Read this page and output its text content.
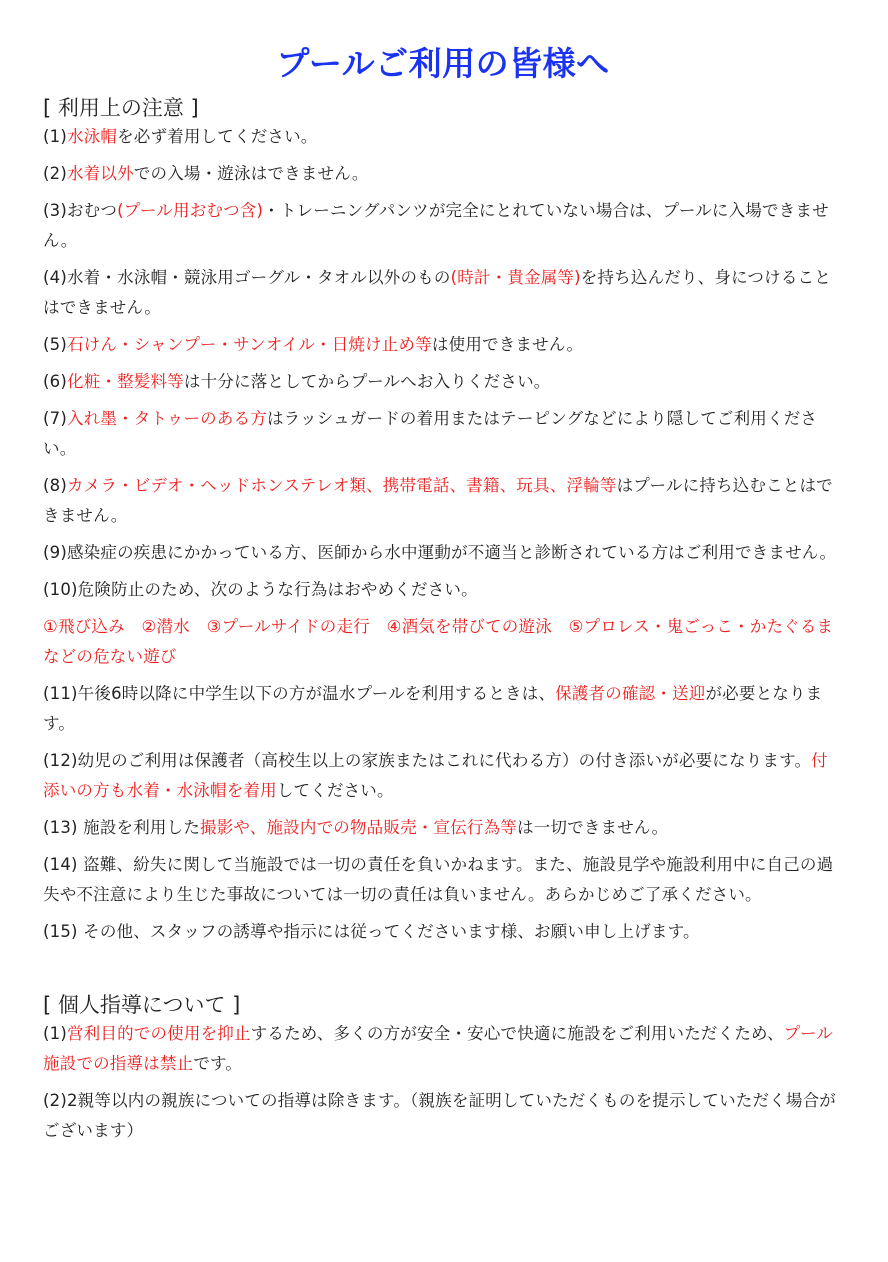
プールご利用の皆様へ

[ 利用上の注意 ]

(1)水泳帽を必ず着用してください。

(2)水着以外での入場・遊泳はできません。

(3)おむつ(プール用おむつ含)・トレーニングパンツが完全にとれていない場合は、プールに入場できません。

(4)水着・水泳帽・競泳用ゴーグル・タオル以外のもの(時計・貴金属等)を持ち込んだり、身につけることはできません。

(5)石けん・シャンプー・サンオイル・日焼け止め等は使用できません。

(6)化粧・整髪料等は十分に落としてからプールへお入りください。

(7)入れ墨・タトゥーのある方はラッシュガードの着用またはテーピングなどにより隠してご利用ください。

(8)カメラ・ビデオ・ヘッドホンステレオ類、携帯電話、書籍、玩具、浮輪等はプールに持ち込むことはできません。

(9)感染症の疾患にかかっている方、医師から水中運動が不適当と診断されている方はご利用できません。

(10)危険防止のため、次のような行為はおやめください。

①飛び込み　②潜水　③プールサイドの走行　④酒気を帯びての遊泳　⑤プロレス・鬼ごっこ・かたぐるまなどの危ない遊び

(11)午後6時以降に中学生以下の方が温水プールを利用するときは、保護者の確認・送迎が必要となります。

(12)幼児のご利用は保護者（高校生以上の家族またはこれに代わる方）の付き添いが必要になります。付添いの方も水着・水泳帽を着用してください。

(13) 施設を利用した撮影や、施設内での物品販売・宣伝行為等は一切できません。

(14) 盗難、紛失に関して当施設では一切の責任を負いかねます。また、施設見学や施設利用中に自己の過失や不注意により生じた事故については一切の責任は負いません。あらかじめご了承ください。

(15) その他、スタッフの誘導や指示には従ってくださいます様、お願い申し上げます。

[ 個人指導について ]

(1)営利目的での使用を抑止するため、多くの方が安全・安心で快適に施設をご利用いただくため、プール施設での指導は禁止です。

(2)2親等以内の親族についての指導は除きます。（親族を証明していただくものを提示していただく場合がございます）
